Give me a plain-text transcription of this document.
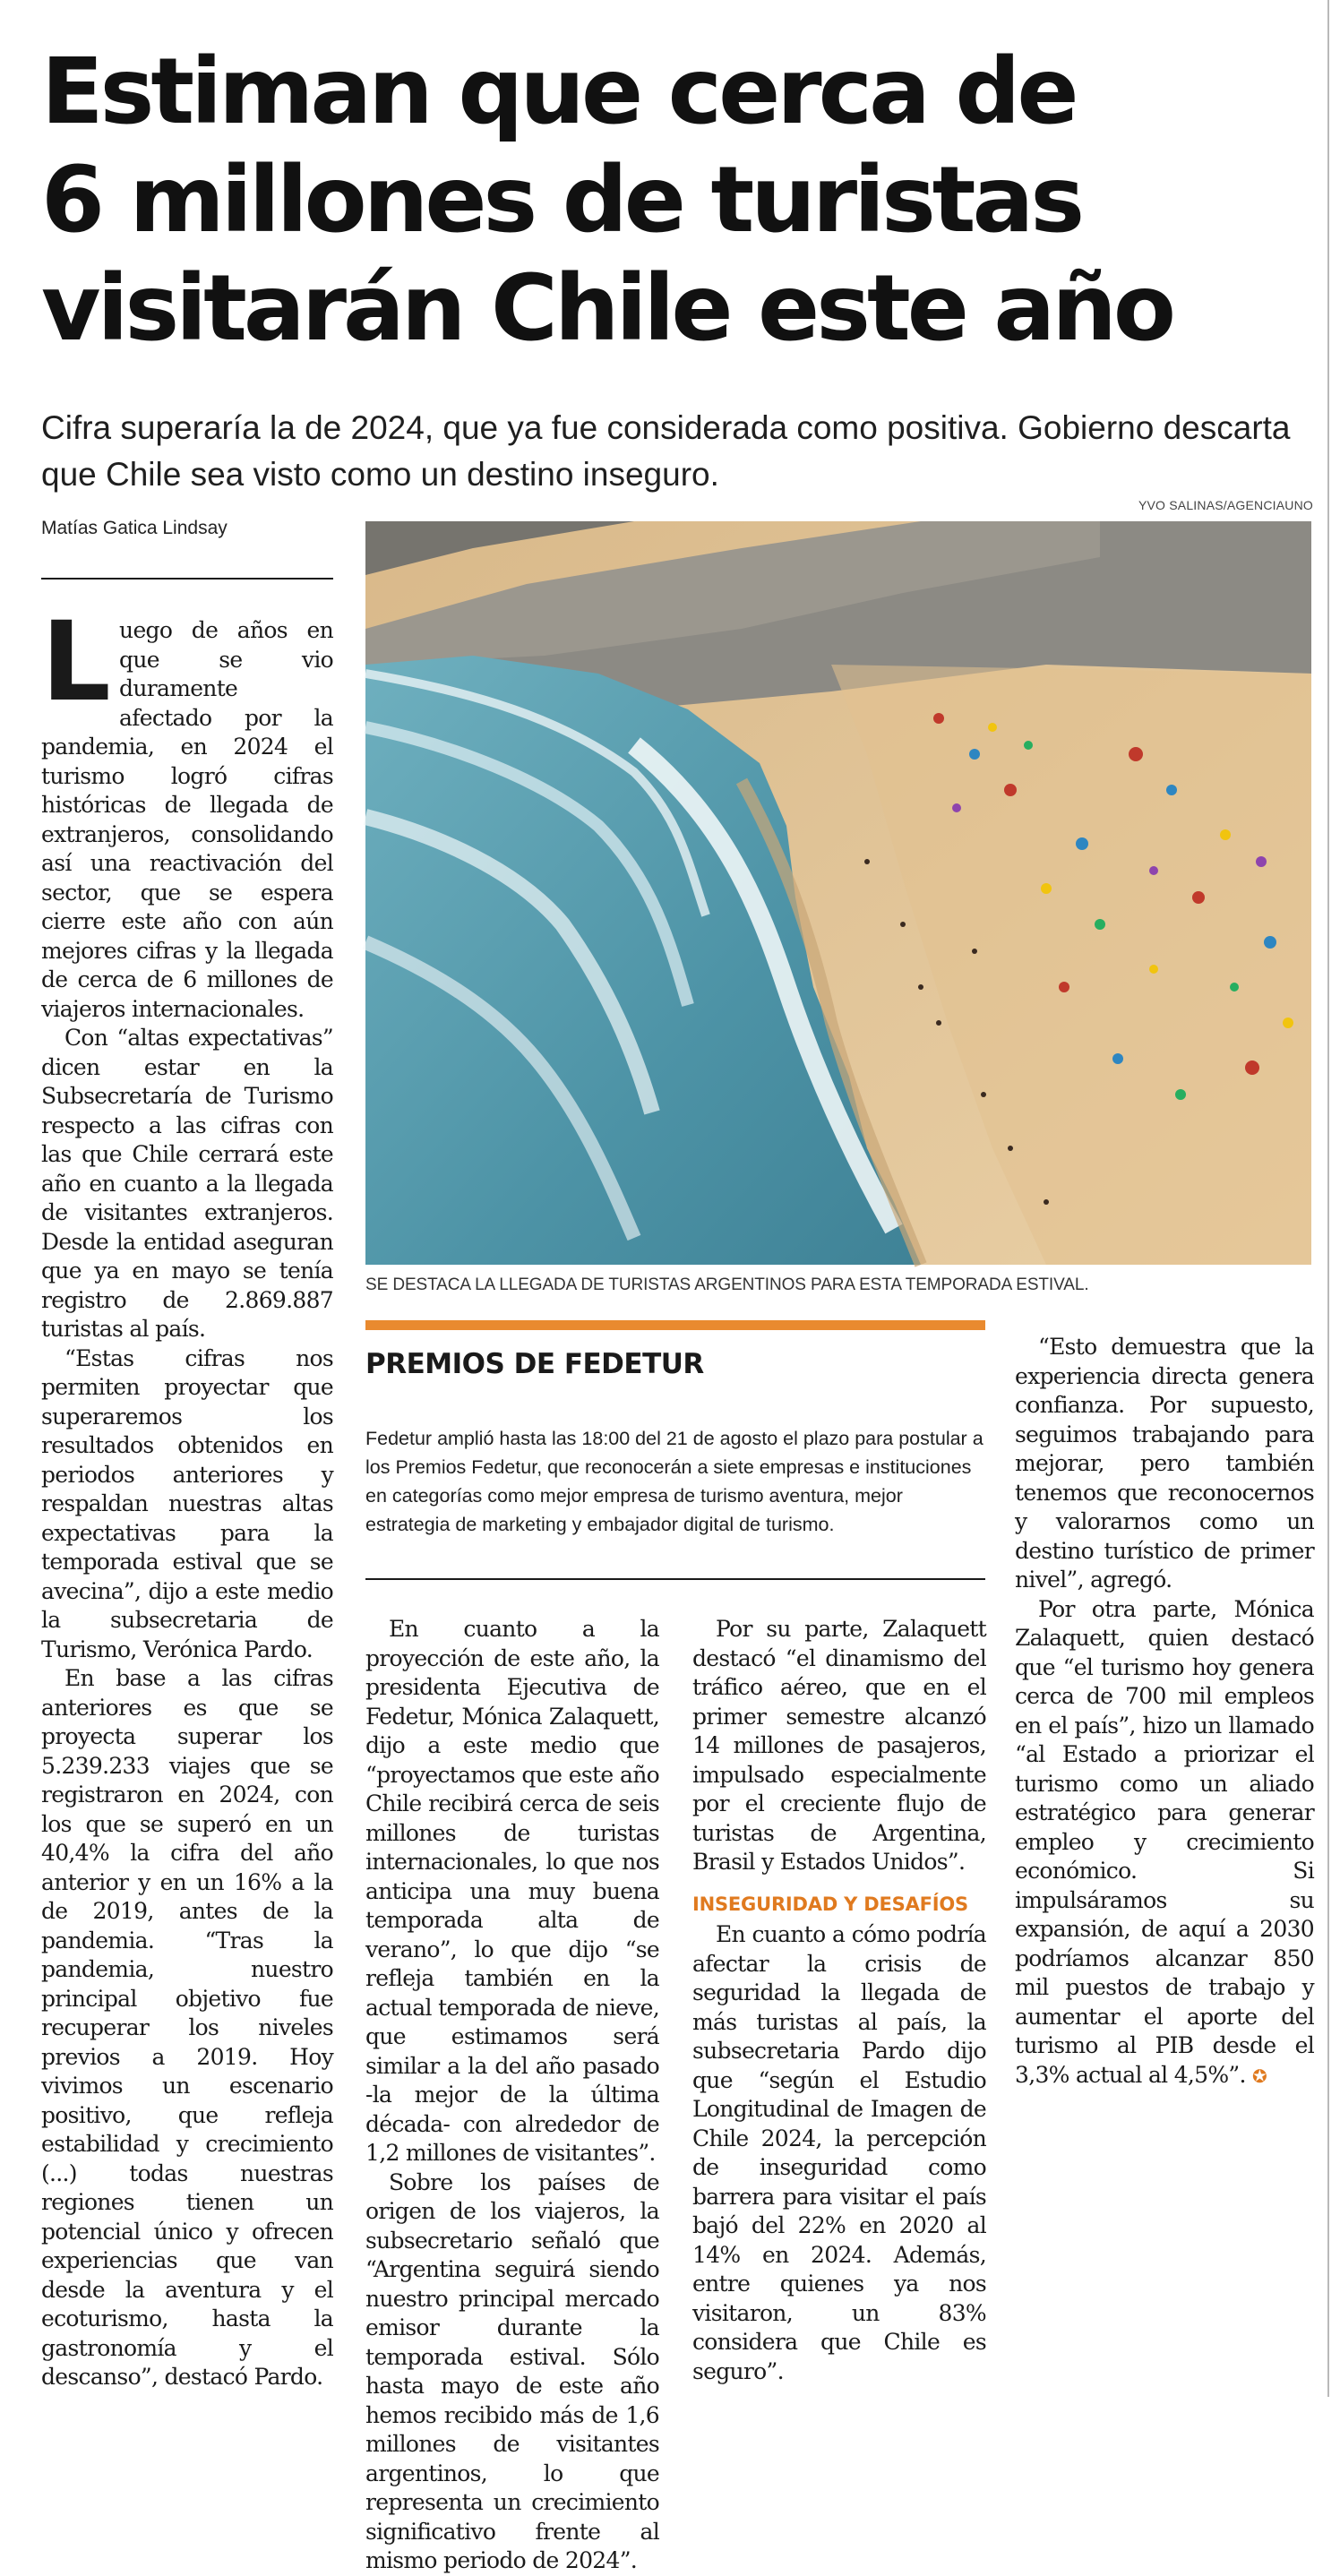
Estiman que cerca de
6 millones de turistas
visitarán Chile este año
Cifra superaría la de 2024, que ya fue considerada como positiva. Gobierno descarta que Chile sea visto como un destino inseguro.
Matías Gatica Lindsay
YVO SALINAS/AGENCIAUNO
SE DESTACA LA LLEGADA DE TURISTAS ARGENTINOS PARA ESTA TEMPORADA ESTIVAL.
PREMIOS DE FEDETUR

Fedetur amplió hasta las 18:00 del 21 de agosto el plazo para postular a los Premios Fedetur, que reconocerán a siete empresas e instituciones en categorías como mejor empresa de turismo aventura, mejor estrategia de marketing y embajador digital de turismo.

Luego de años en que se vio duramente afectado por la pandemia, en 2024 el turismo logró cifras históricas de llegada de extranjeros, consolidando así una reactivación del sector, que se espera cierre este año con aún mejores cifras y la llegada de cerca de 6 millones de viajeros internacionales.

Con “altas expectativas” dicen estar en la Subsecretaría de Turismo respecto a las cifras con las que Chile cerrará este año en cuanto a la llegada de visitantes extranjeros. Desde la entidad aseguran que ya en mayo se tenía registro de 2.869.887 turistas al país.

“Estas cifras nos permiten proyectar que superaremos los resultados obtenidos en periodos anteriores y respaldan nuestras altas expectativas para la temporada estival que se avecina”, dijo a este medio la subsecretaria de Turismo, Verónica Pardo.

En base a las cifras anteriores es que se proyecta superar los 5.239.233 viajes que se registraron en 2024, con los que se superó en un 40,4% la cifra del año anterior y en un 16% a la de 2019, antes de la pandemia. “Tras la pandemia, nuestro principal objetivo fue recuperar los niveles previos a 2019. Hoy vivimos un escenario positivo, que refleja estabilidad y crecimiento (...) todas nuestras regiones tienen un potencial único y ofrecen experiencias que van desde la aventura y el ecoturismo, hasta la gastronomía y el descanso”, destacó Pardo.

En cuanto a la proyección de este año, la presidenta Ejecutiva de Fedetur, Mónica Zalaquett, dijo a este medio que “proyectamos que este año Chile recibirá cerca de seis millones de turistas internacionales, lo que nos anticipa una muy buena temporada alta de verano”, lo que dijo “se refleja también en la actual temporada de nieve, que estimamos será similar a la del año pasado -la mejor de la última década- con alrededor de 1,2 millones de visitantes”.

Sobre los países de origen de los viajeros, la subsecretario señaló que “Argentina seguirá siendo nuestro principal mercado emisor durante la temporada estival. Sólo hasta mayo de este año hemos recibido más de 1,6 millones de visitantes argentinos, lo que representa un crecimiento significativo frente al mismo periodo de 2024”.

Por su parte, Zalaquett destacó “el dinamismo del tráfico aéreo, que en el primer semestre alcanzó 14 millones de pasajeros, impulsado especialmente por el creciente flujo de turistas de Argentina, Brasil y Estados Unidos”.

INSEGURIDAD Y DESAFÍOS

En cuanto a cómo podría afectar la crisis de seguridad la llegada de más turistas al país, la subsecretaria Pardo dijo que “según el Estudio Longitudinal de Imagen de Chile 2024, la percepción de inseguridad como barrera para visitar el país bajó del 22% en 2020 al 14% en 2024. Además, entre quienes ya nos visitaron, un 83% considera que Chile es seguro”.

“Esto demuestra que la experiencia directa genera confianza. Por supuesto, seguimos trabajando para mejorar, pero también tenemos que reconocernos y valorarnos como un destino turístico de primer nivel”, agregó.

Por otra parte, Mónica Zalaquett, quien destacó que “el turismo hoy genera cerca de 700 mil empleos en el país”, hizo un llamado “al Estado a priorizar el turismo como un aliado estratégico para generar empleo y crecimiento económico. Si impulsáramos su expansión, de aquí a 2030 podríamos alcanzar 850 mil puestos de trabajo y aumentar el aporte del turismo al PIB desde el 3,3% actual al 4,5%”. ✪
